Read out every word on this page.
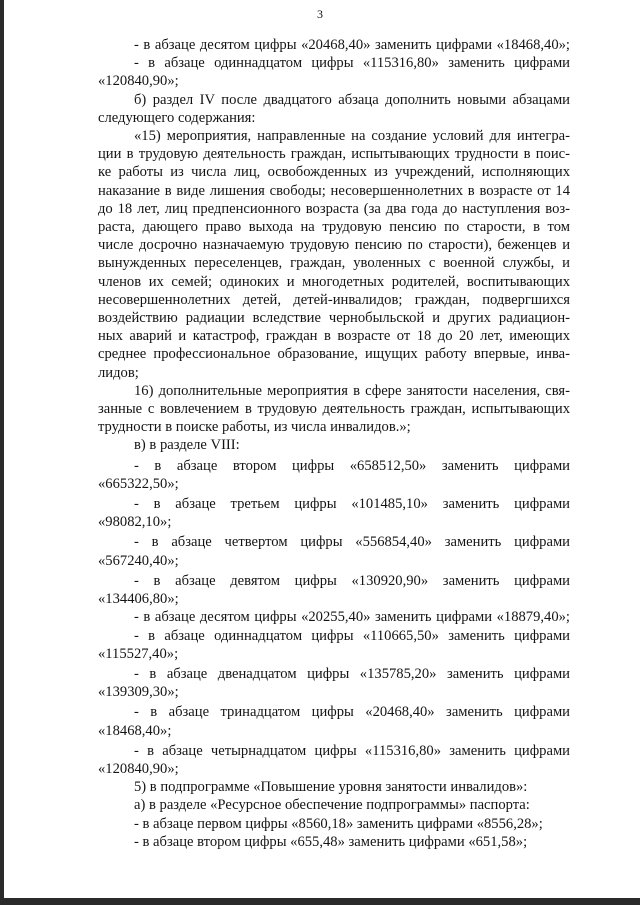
3

- в абзаце десятом цифры «20468,40» заменить цифрами «18468,40»;

- в абзаце одиннадцатом цифры «115316,80» заменить цифрами

«120840,90»;

б) раздел IV после двадцатого абзаца дополнить новыми абзацами

следующего содержания:

«15) мероприятия, направленные на создание условий для интегра-

ции в трудовую деятельность граждан, испытывающих трудности в поис-

ке работы из числа лиц, освобожденных из учреждений, исполняющих

наказание в виде лишения свободы; несовершеннолетних в возрасте от 14

до 18 лет, лиц предпенсионного возраста (за два года до наступления воз-

раста, дающего право выхода на трудовую пенсию по старости, в том

числе досрочно назначаемую трудовую пенсию по старости), беженцев и

вынужденных переселенцев, граждан, уволенных с военной службы, и

членов их семей; одиноких и многодетных родителей, воспитывающих

несовершеннолетних детей, детей-инвалидов; граждан, подвергшихся

воздействию радиации вследствие чернобыльской и других радиацион-

ных аварий и катастроф, граждан в возрасте от 18 до 20 лет, имеющих

среднее профессиональное образование, ищущих работу впервые, инва-

лидов;

16) дополнительные мероприятия в сфере занятости населения, свя-

занные с вовлечением в трудовую деятельность граждан, испытывающих

трудности в поиске работы, из числа инвалидов.»;

в) в разделе VIII:

- в абзаце втором цифры «658512,50» заменить цифрами

«665322,50»;

- в абзаце третьем цифры «101485,10» заменить цифрами

«98082,10»;

- в абзаце четвертом цифры «556854,40» заменить цифрами

«567240,40»;

- в абзаце девятом цифры «130920,90» заменить цифрами

«134406,80»;

- в абзаце десятом цифры «20255,40» заменить цифрами «18879,40»;

- в абзаце одиннадцатом цифры «110665,50» заменить цифрами

«115527,40»;

- в абзаце двенадцатом цифры «135785,20» заменить цифрами

«139309,30»;

- в абзаце тринадцатом цифры «20468,40» заменить цифрами

«18468,40»;

- в абзаце четырнадцатом цифры «115316,80» заменить цифрами

«120840,90»;

5) в подпрограмме «Повышение уровня занятости инвалидов»:

а) в разделе «Ресурсное обеспечение подпрограммы» паспорта:

- в абзаце первом цифры «8560,18» заменить цифрами «8556,28»;

- в абзаце втором цифры «655,48» заменить цифрами «651,58»;
